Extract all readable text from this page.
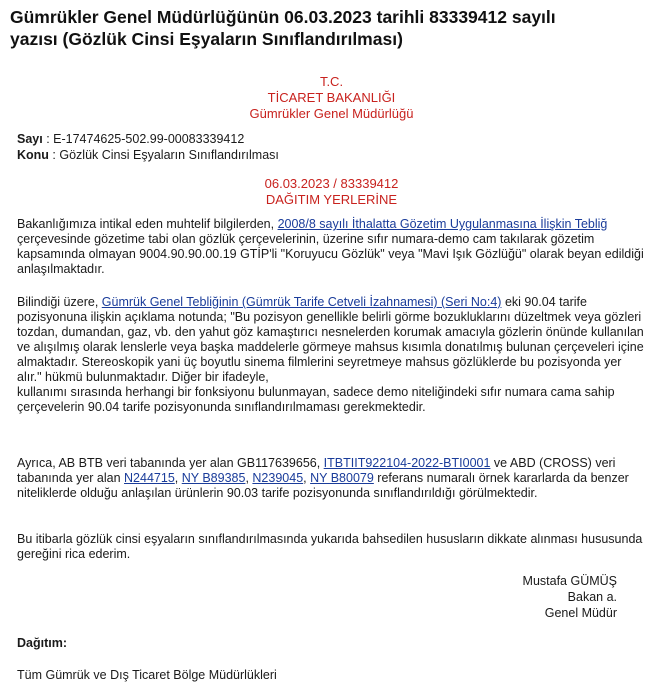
Gümrükler Genel Müdürlüğünün 06.03.2023 tarihli 83339412 sayılı
yazısı (Gözlük Cinsi Eşyaların Sınıflandırılması)
T.C.
TİCARET BAKANLIĞI
Gümrükler Genel Müdürlüğü
Sayı : E-17474625-502.99-00083339412
Konu : Gözlük Cinsi Eşyaların Sınıflandırılması
06.03.2023 / 83339412
DAĞITIM YERLERİNE
Bakanlığımıza intikal eden muhtelif bilgilerden, 2008/8 sayılı İthalatta Gözetim Uygulanmasına İlişkin Tebliğ çerçevesinde gözetime tabi olan gözlük çerçevelerinin, üzerine sıfır numara-demo cam takılarak gözetim kapsamında olmayan 9004.90.90.00.19 GTİP'li "Koruyucu Gözlük" veya "Mavi Işık Gözlüğü" olarak beyan edildiği anlaşılmaktadır.
Bilindiği üzere, Gümrük Genel Tebliğinin (Gümrük Tarife Cetveli İzahnamesi) (Seri No:4) eki 90.04 tarife pozisyonuna ilişkin açıklama notunda; "Bu pozisyon genellikle belirli görme bozukluklarını düzeltmek veya gözleri tozdan, dumandan, gaz, vb. den yahut göz kamaştırıcı nesnelerden korumak amacıyla gözlerin önünde kullanılan ve alışılmış olarak lenslerle veya başka maddelerle görmeye mahsus kısımla donatılmış bulunan çerçeveleri içine almaktadır. Stereoskopik yani üç boyutlu sinema filmlerini seyretmeye mahsus gözlüklerde bu pozisyonda yer alır." hükmü bulunmaktadır. Diğer bir ifadeyle,
kullanımı sırasında herhangi bir fonksiyonu bulunmayan, sadece demo niteliğindeki sıfır numara cama sahip çerçevelerin 90.04 tarife pozisyonunda sınıflandırılmaması gerekmektedir.
Ayrıca, AB BTB veri tabanında yer alan GB117639656, ITBTIIT922104-2022-BTI0001 ve ABD (CROSS) veri tabanında yer alan N244715, NY B89385, N239045, NY B80079 referans numaralı örnek kararlarda da benzer niteliklerde olduğu anlaşılan ürünlerin 90.03 tarife pozisyonunda sınıflandırıldığı görülmektedir.
Bu itibarla gözlük cinsi eşyaların sınıflandırılmasında yukarıda bahsedilen hususların dikkate alınması hususunda gereğini rica ederim.
Mustafa GÜMÜŞ
Bakan a.
Genel Müdür
Dağıtım:
Tüm Gümrük ve Dış Ticaret Bölge Müdürlükleri
